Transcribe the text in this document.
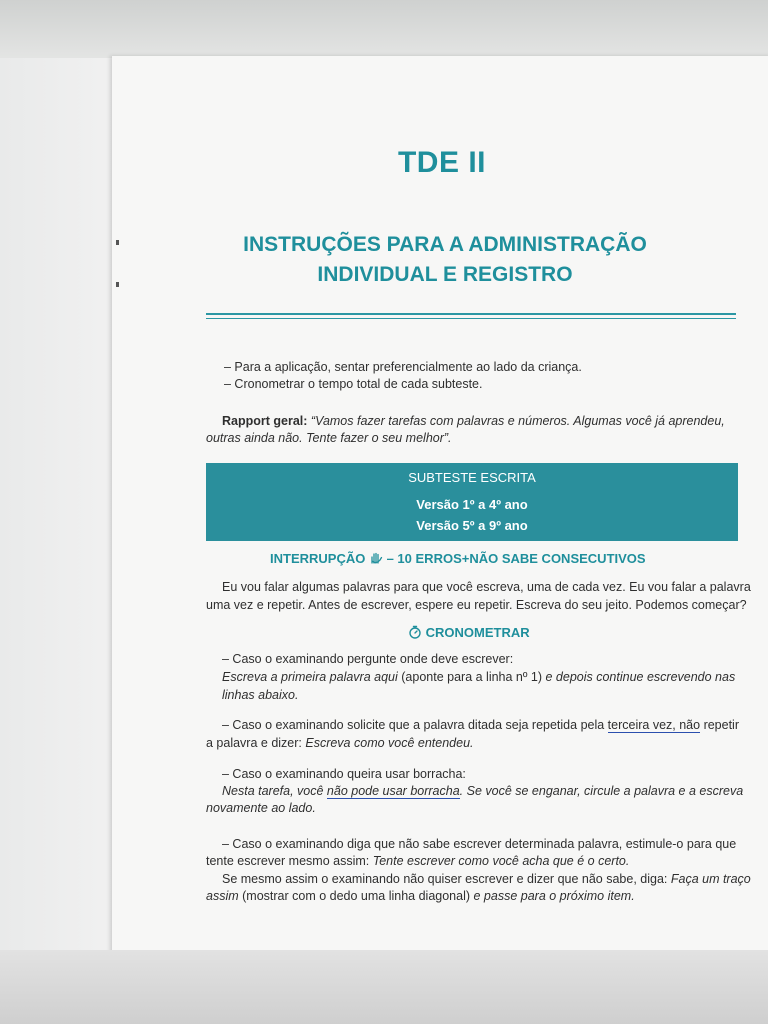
TDE II
INSTRUÇÕES PARA A ADMINISTRAÇÃO
INDIVIDUAL E REGISTRO
– Para a aplicação, sentar preferencialmente ao lado da criança.
– Cronometrar o tempo total de cada subteste.
Rapport geral: “Vamos fazer tarefas com palavras e números. Algumas você já aprendeu,
outras ainda não. Tente fazer o seu melhor”.
SUBTESTE ESCRITA
Versão 1º a 4º ano
Versão 5º a 9º ano
INTERRUPÇÃO  – 10 ERROS+NÃO SABE CONSECUTIVOS
Eu vou falar algumas palavras para que você escreva, uma de cada vez. Eu vou falar a palavra
uma vez e repetir. Antes de escrever, espere eu repetir. Escreva do seu jeito. Podemos começar?
CRONOMETRAR
– Caso o examinando pergunte onde deve escrever:
Escreva a primeira palavra aqui (aponte para a linha nº 1) e depois continue escrevendo nas
linhas abaixo.
– Caso o examinando solicite que a palavra ditada seja repetida pela terceira vez, não repetir
a palavra e dizer: Escreva como você entendeu.
– Caso o examinando queira usar borracha:
Nesta tarefa, você não pode usar borracha. Se você se enganar, circule a palavra e a escreva
novamente ao lado.
– Caso o examinando diga que não sabe escrever determinada palavra, estimule-o para que
tente escrever mesmo assim: Tente escrever como você acha que é o certo.
Se mesmo assim o examinando não quiser escrever e dizer que não sabe, diga: Faça um traço
assim (mostrar com o dedo uma linha diagonal) e passe para o próximo item.
